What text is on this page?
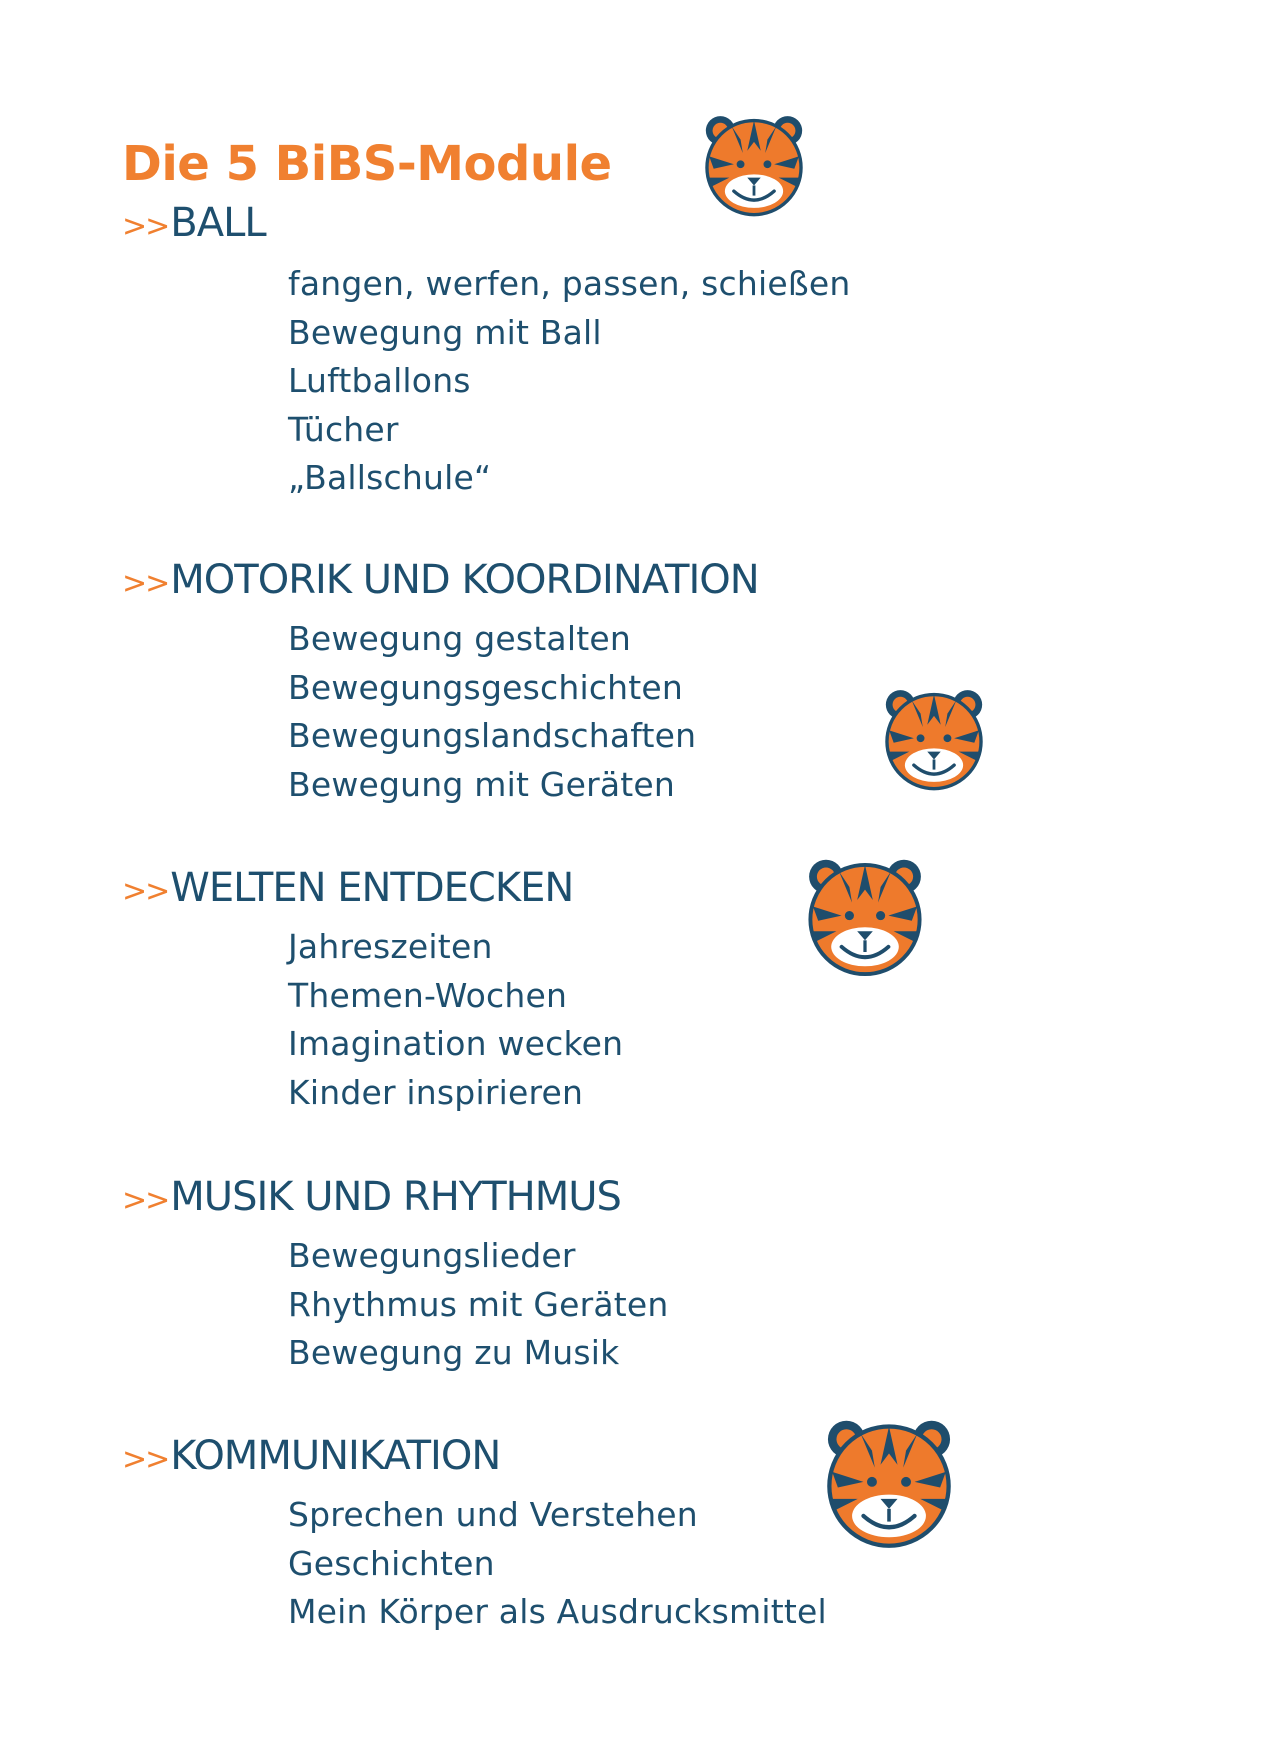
Die 5 BiBS-Module
>>BALL
fangen, werfen, passen, schießen
Bewegung mit Ball
Luftballons
Tücher
„Ballschule“
>>MOTORIK UND KOORDINATION
Bewegung gestalten
Bewegungsgeschichten
Bewegungslandschaften
Bewegung mit Geräten
>>WELTEN ENTDECKEN
Jahreszeiten
Themen-Wochen
Imagination wecken
Kinder inspirieren
>>MUSIK UND RHYTHMUS
Bewegungslieder
Rhythmus mit Geräten
Bewegung zu Musik
>>KOMMUNIKATION
Sprechen und Verstehen
Geschichten
Mein Körper als Ausdrucksmittel
